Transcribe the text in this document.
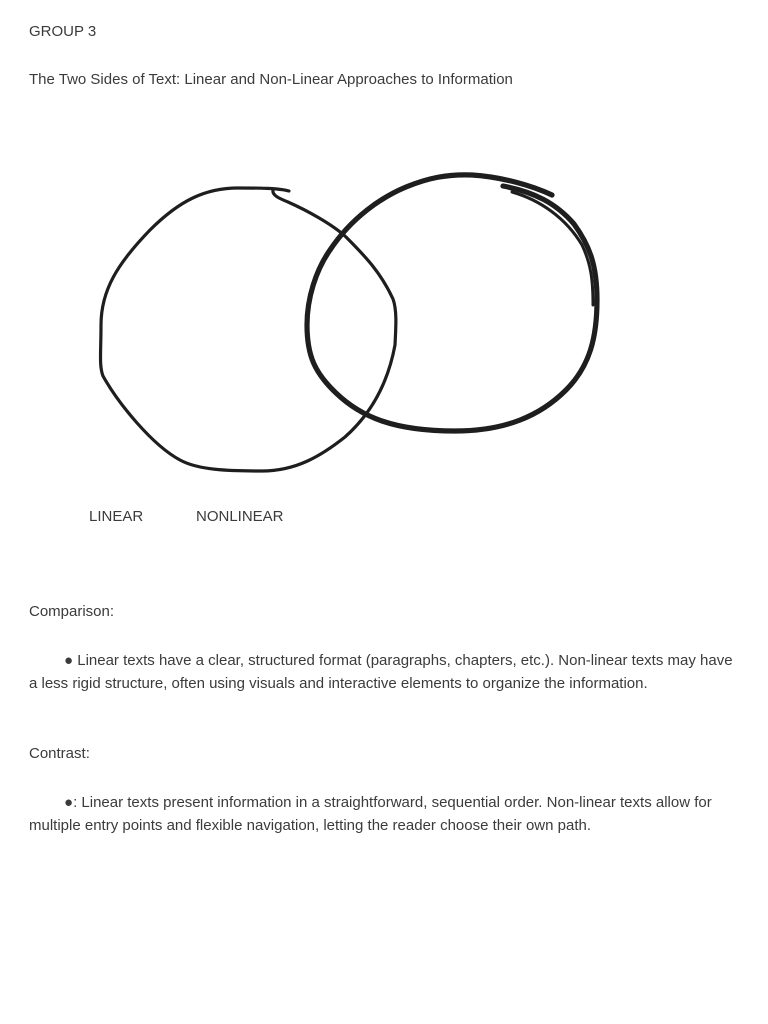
GROUP 3
The Two Sides of Text: Linear and Non-Linear Approaches to Information
LINEAR	NONLINEAR
Comparison:
● Linear texts have a clear, structured format (paragraphs, chapters, etc.). Non-linear texts may have a less rigid structure, often using visuals and interactive elements to organize the information.
Contrast:
●: Linear texts present information in a straightforward, sequential order. Non-linear texts allow for multiple entry points and flexible navigation, letting the reader choose their own path.
